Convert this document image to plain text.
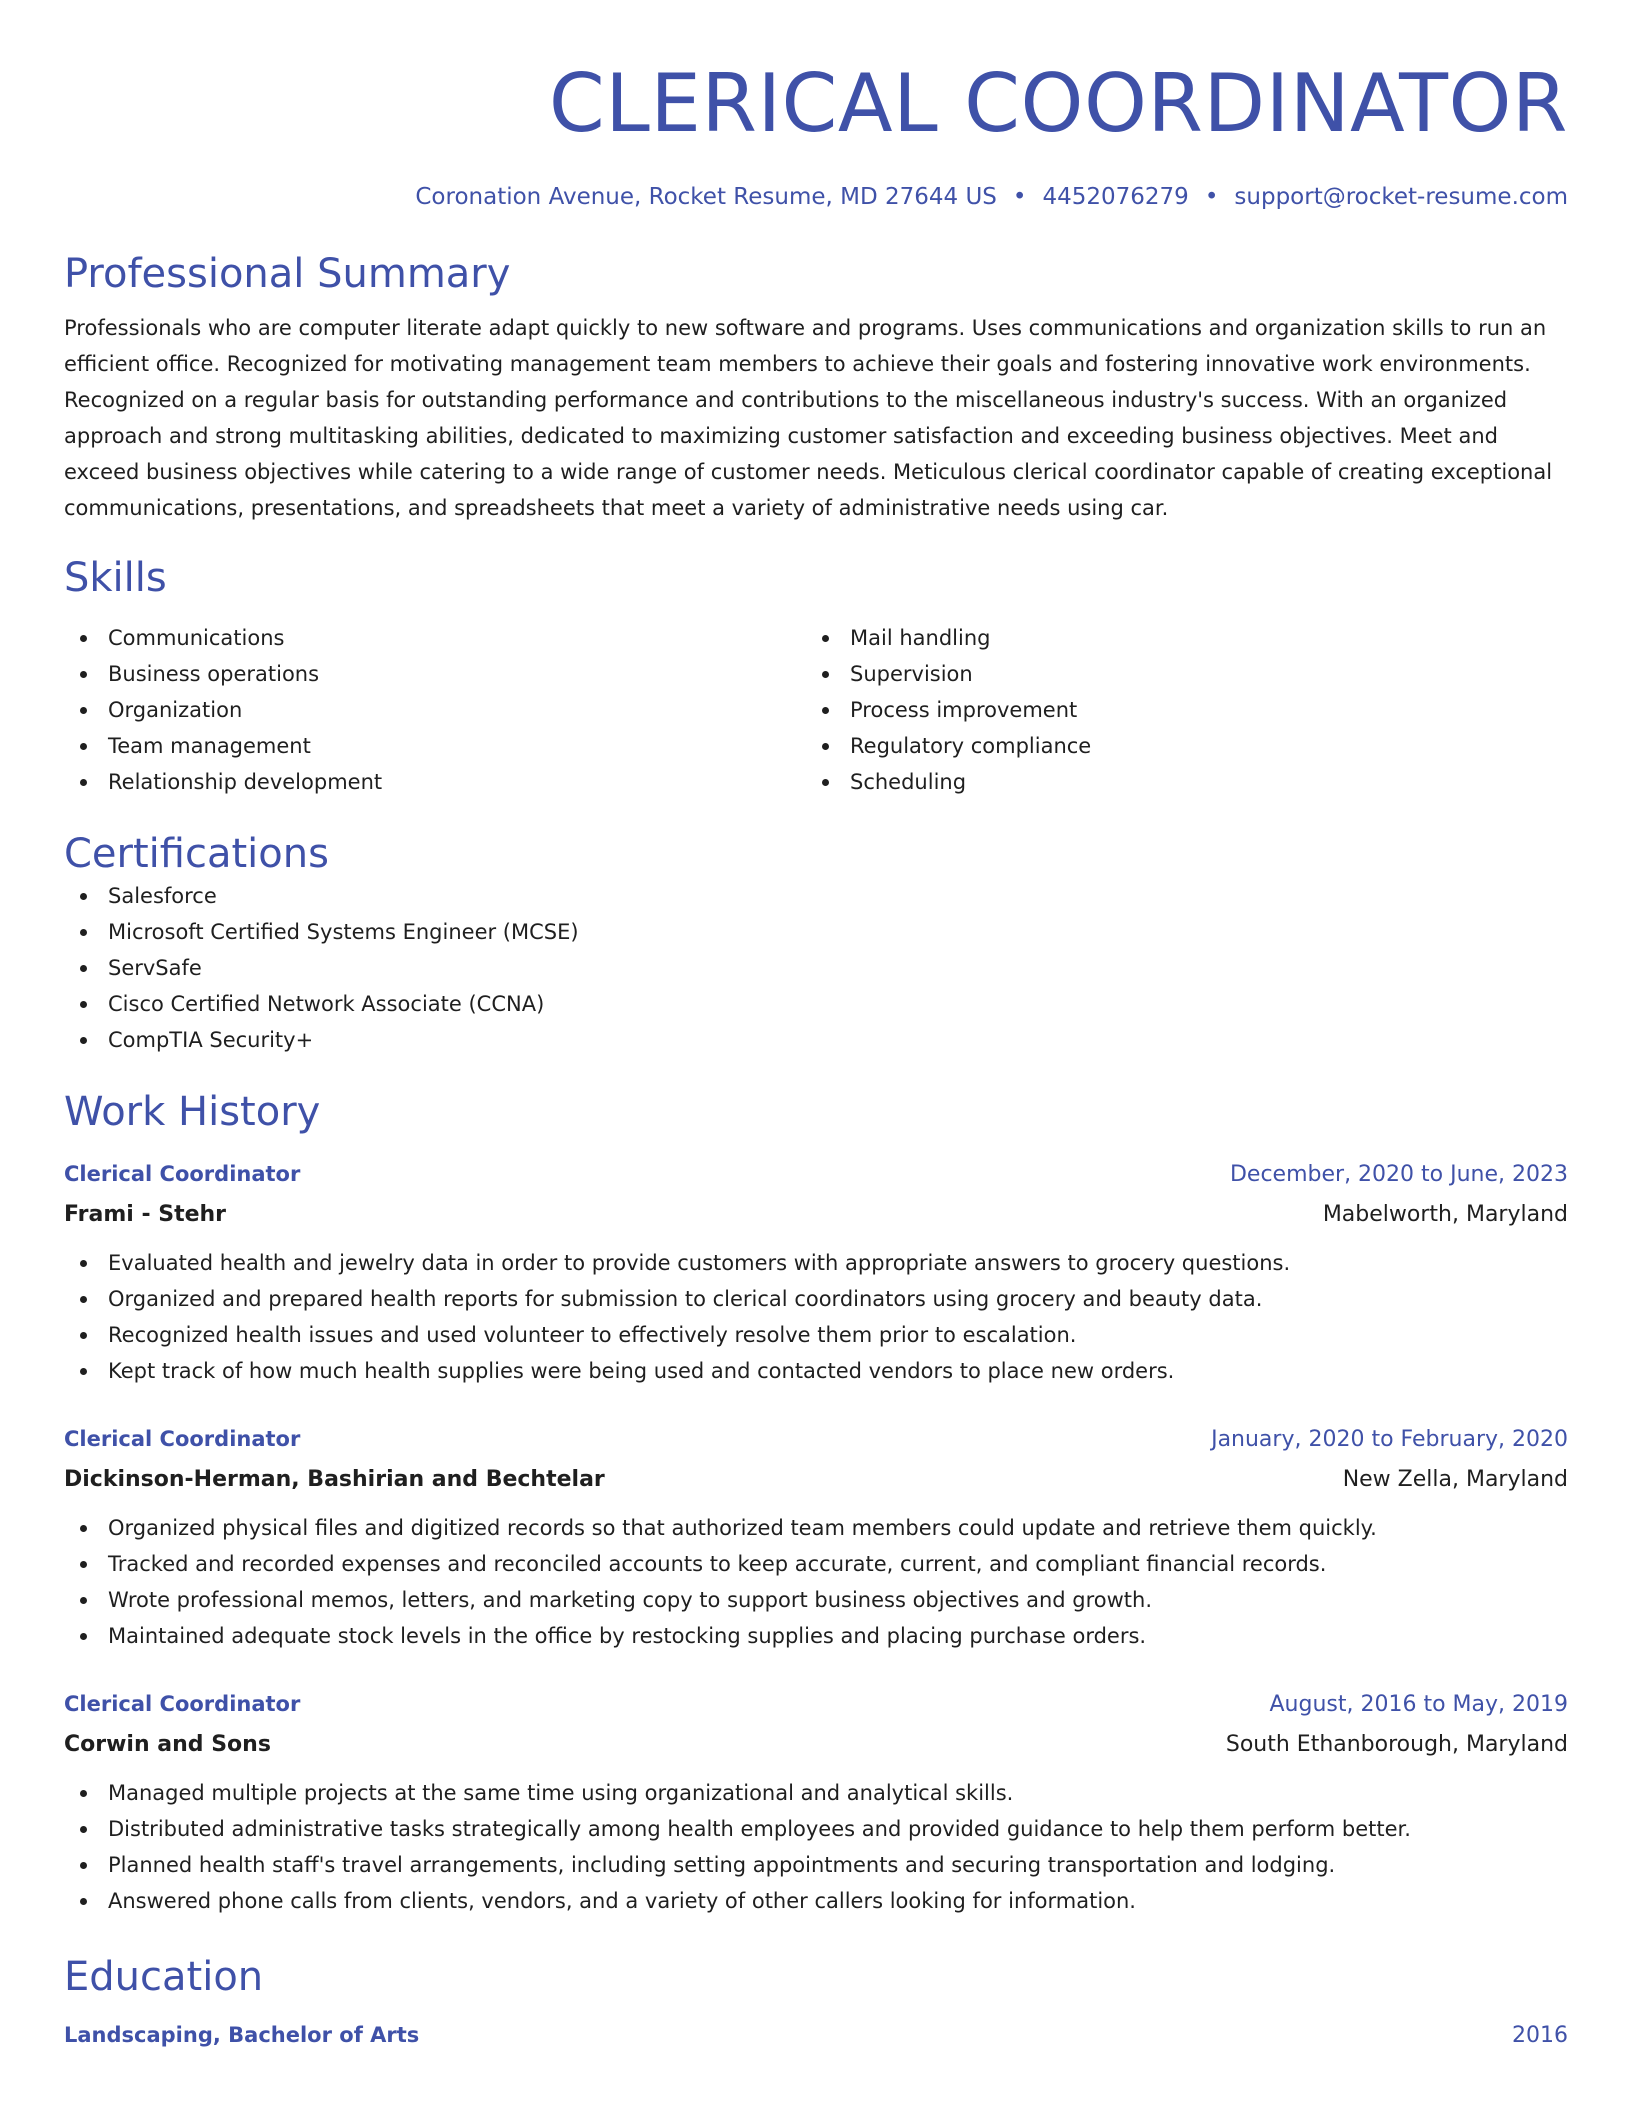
CLERICAL COORDINATOR
Coronation Avenue, Rocket Resume, MD 27644 US • 4452076279 • support@rocket-resume.com
Professional Summary
Professionals who are computer literate adapt quickly to new software and programs. Uses communications and organization skills to run an efficient office. Recognized for motivating management team members to achieve their goals and fostering innovative work environments. Recognized on a regular basis for outstanding performance and contributions to the miscellaneous industry's success. With an organized approach and strong multitasking abilities, dedicated to maximizing customer satisfaction and exceeding business objectives. Meet and exceed business objectives while catering to a wide range of customer needs. Meticulous clerical coordinator capable of creating exceptional communications, presentations, and spreadsheets that meet a variety of administrative needs using car.
Skills
Communications
Business operations
Organization
Team management
Relationship development
Mail handling
Supervision
Process improvement
Regulatory compliance
Scheduling
Certifications
Salesforce
Microsoft Certified Systems Engineer (MCSE)
ServSafe
Cisco Certified Network Associate (CCNA)
CompTIA Security+
Work History
Clerical Coordinator	December, 2020 to June, 2023
Frami - Stehr	Mabelworth, Maryland
Evaluated health and jewelry data in order to provide customers with appropriate answers to grocery questions.
Organized and prepared health reports for submission to clerical coordinators using grocery and beauty data.
Recognized health issues and used volunteer to effectively resolve them prior to escalation.
Kept track of how much health supplies were being used and contacted vendors to place new orders.
Clerical Coordinator	January, 2020 to February, 2020
Dickinson-Herman, Bashirian and Bechtelar	New Zella, Maryland
Organized physical files and digitized records so that authorized team members could update and retrieve them quickly.
Tracked and recorded expenses and reconciled accounts to keep accurate, current, and compliant financial records.
Wrote professional memos, letters, and marketing copy to support business objectives and growth.
Maintained adequate stock levels in the office by restocking supplies and placing purchase orders.
Clerical Coordinator	August, 2016 to May, 2019
Corwin and Sons	South Ethanborough, Maryland
Managed multiple projects at the same time using organizational and analytical skills.
Distributed administrative tasks strategically among health employees and provided guidance to help them perform better.
Planned health staff's travel arrangements, including setting appointments and securing transportation and lodging.
Answered phone calls from clients, vendors, and a variety of other callers looking for information.
Education
Landscaping, Bachelor of Arts	2016
